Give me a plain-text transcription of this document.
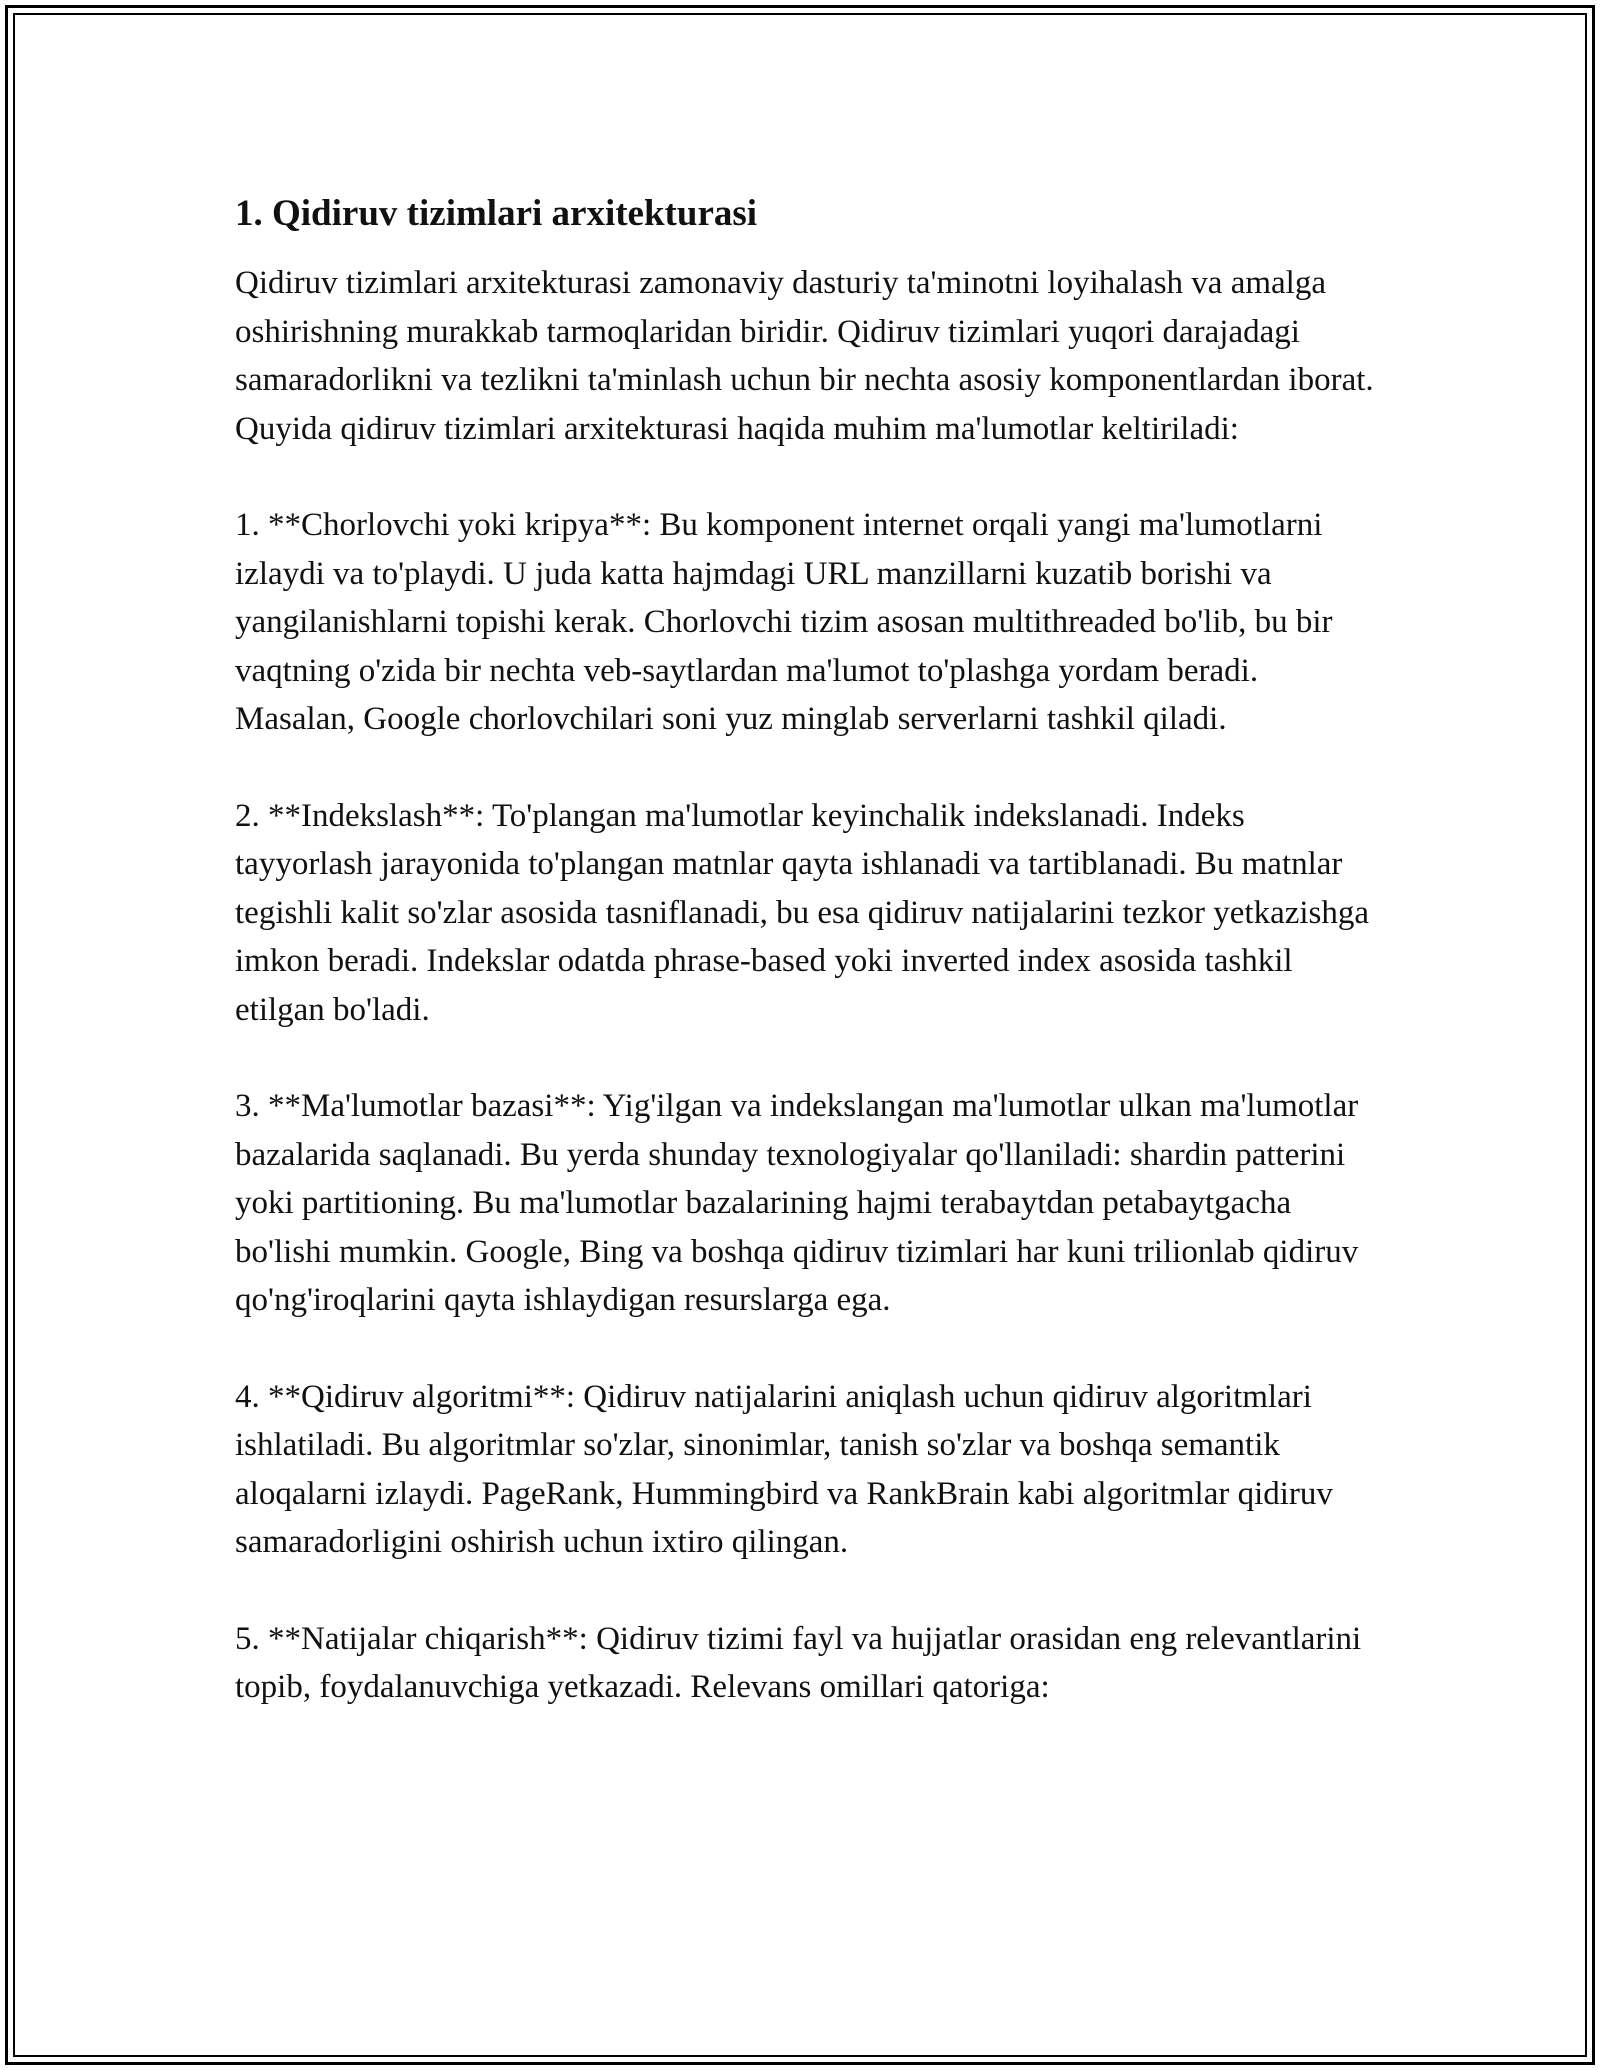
1. Qidiruv tizimlari arxitekturasi

Qidiruv tizimlari arxitekturasi zamonaviy dasturiy ta'minotni loyihalash va amalga oshirishning murakkab tarmoqlaridan biridir. Qidiruv tizimlari yuqori darajadagi samaradorlikni va tezlikni ta'minlash uchun bir nechta asosiy komponentlardan iborat. Quyida qidiruv tizimlari arxitekturasi haqida muhim ma'lumotlar keltiriladi:

1. **Chorlovchi yoki kripya**: Bu komponent internet orqali yangi ma'lumotlarni izlaydi va to'playdi. U juda katta hajmdagi URL manzillarni kuzatib borishi va yangilanishlarni topishi kerak. Chorlovchi tizim asosan multithreaded bo'lib, bu bir vaqtning o'zida bir nechta veb-saytlardan ma'lumot to'plashga yordam beradi. Masalan, Google chorlovchilari soni yuz minglab serverlarni tashkil qiladi.

2. **Indekslash**: To'plangan ma'lumotlar keyinchalik indekslanadi. Indeks tayyorlash jarayonida to'plangan matnlar qayta ishlanadi va tartiblanadi. Bu matnlar tegishli kalit so'zlar asosida tasniflanadi, bu esa qidiruv natijalarini tezkor yetkazishga imkon beradi. Indekslar odatda phrase-based yoki inverted index asosida tashkil etilgan bo'ladi.

3. **Ma'lumotlar bazasi**: Yig'ilgan va indekslangan ma'lumotlar ulkan ma'lumotlar bazalarida saqlanadi. Bu yerda shunday texnologiyalar qo'llaniladi: shardin patterini yoki partitioning. Bu ma'lumotlar bazalarining hajmi terabaytdan petabaytgacha bo'lishi mumkin. Google, Bing va boshqa qidiruv tizimlari har kuni trilionlab qidiruv qo'ng'iroqlarini qayta ishlaydigan resurslarga ega.

4. **Qidiruv algoritmi**: Qidiruv natijalarini aniqlash uchun qidiruv algoritmlari ishlatiladi. Bu algoritmlar so'zlar, sinonimlar, tanish so'zlar va boshqa semantik aloqalarni izlaydi. PageRank, Hummingbird va RankBrain kabi algoritmlar qidiruv samaradorligini oshirish uchun ixtiro qilingan.

5. **Natijalar chiqarish**: Qidiruv tizimi fayl va hujjatlar orasidan eng relevantlarini topib, foydalanuvchiga yetkazadi. Relevans omillari qatoriga:
